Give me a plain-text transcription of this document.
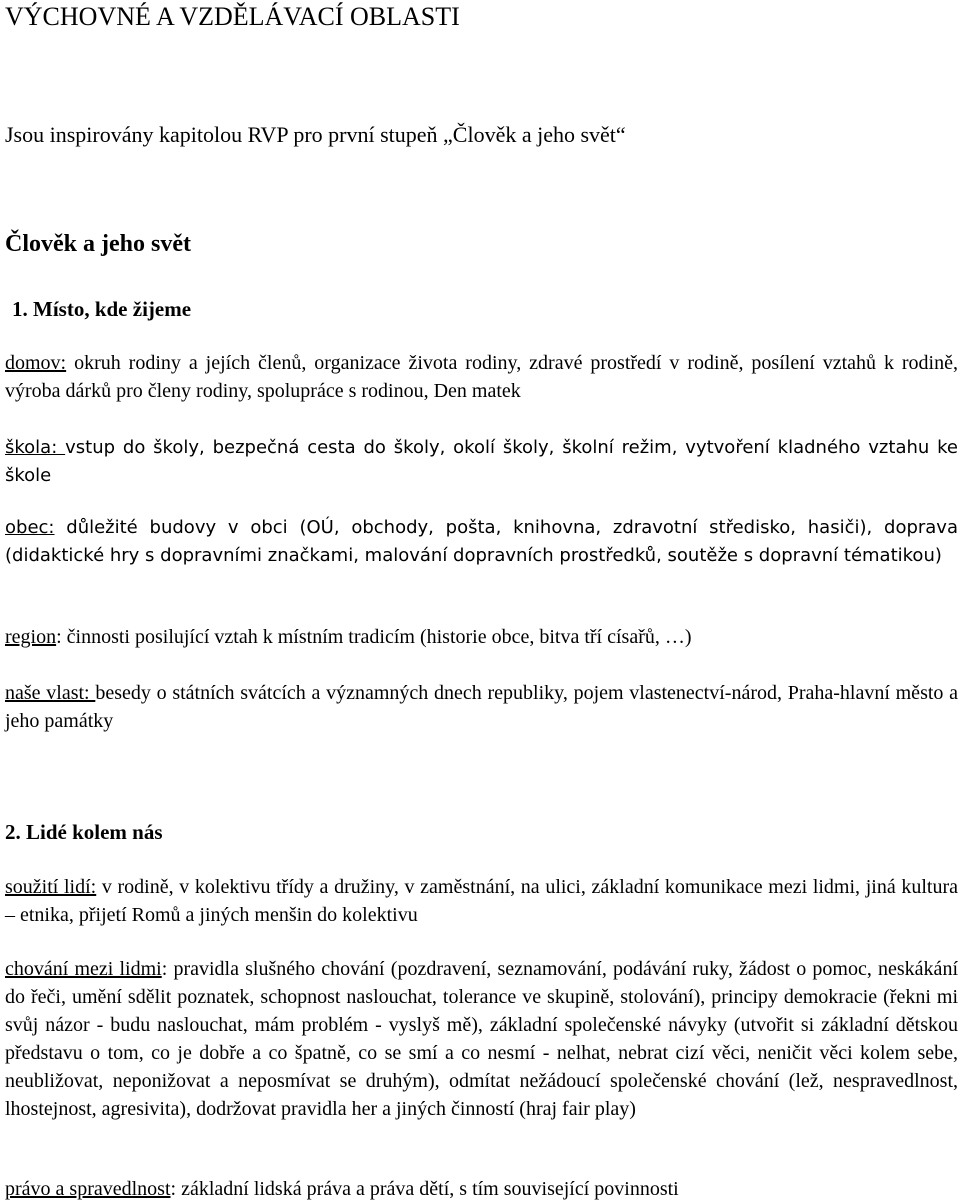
VÝCHOVNÉ A VZDĚLÁVACÍ OBLASTI
Jsou inspirovány kapitolou RVP pro první stupeň „Člověk a jeho svět“
Člověk a jeho svět
1. Místo, kde žijeme
domov: okruh rodiny a jejích členů, organizace života rodiny, zdravé prostředí v rodině, posílení vztahů k rodině, výroba dárků pro členy rodiny, spolupráce s rodinou, Den matek
škola: vstup do školy, bezpečná cesta do školy, okolí školy, školní režim, vytvoření kladného vztahu ke škole
obec: důležité budovy v obci (OÚ, obchody, pošta, knihovna, zdravotní středisko, hasiči), doprava (didaktické hry s dopravními značkami, malování dopravních prostředků, soutěže s dopravní tématikou)
region: činnosti posilující vztah k místním tradicím (historie obce, bitva tří císařů, …)
naše vlast: besedy o státních svátcích a významných dnech republiky, pojem vlastenectví-národ, Praha-hlavní město a jeho památky
2. Lidé kolem nás
soužití lidí: v rodině, v kolektivu třídy a družiny, v zaměstnání, na ulici, základní komunikace mezi lidmi, jiná kultura – etnika, přijetí Romů a jiných menšin do kolektivu
chování mezi lidmi: pravidla slušného chování (pozdravení, seznamování, podávání ruky, žádost o pomoc, neskákání do řeči, umění sdělit poznatek, schopnost naslouchat, tolerance ve skupině, stolování), principy demokracie (řekni mi svůj názor - budu naslouchat, mám problém - vyslyš mě), základní společenské návyky (utvořit si základní dětskou představu o tom, co je dobře a co špatně, co se smí a co nesmí - nelhat, nebrat cizí věci, neničit věci kolem sebe, neubližovat, neponižovat a neposmívat se druhým), odmítat nežádoucí společenské chování (lež, nespravedlnost, lhostejnost, agresivita), dodržovat pravidla her a jiných činností (hraj fair play)
právo a spravedlnost: základní lidská práva a práva dětí, s tím související povinnosti
